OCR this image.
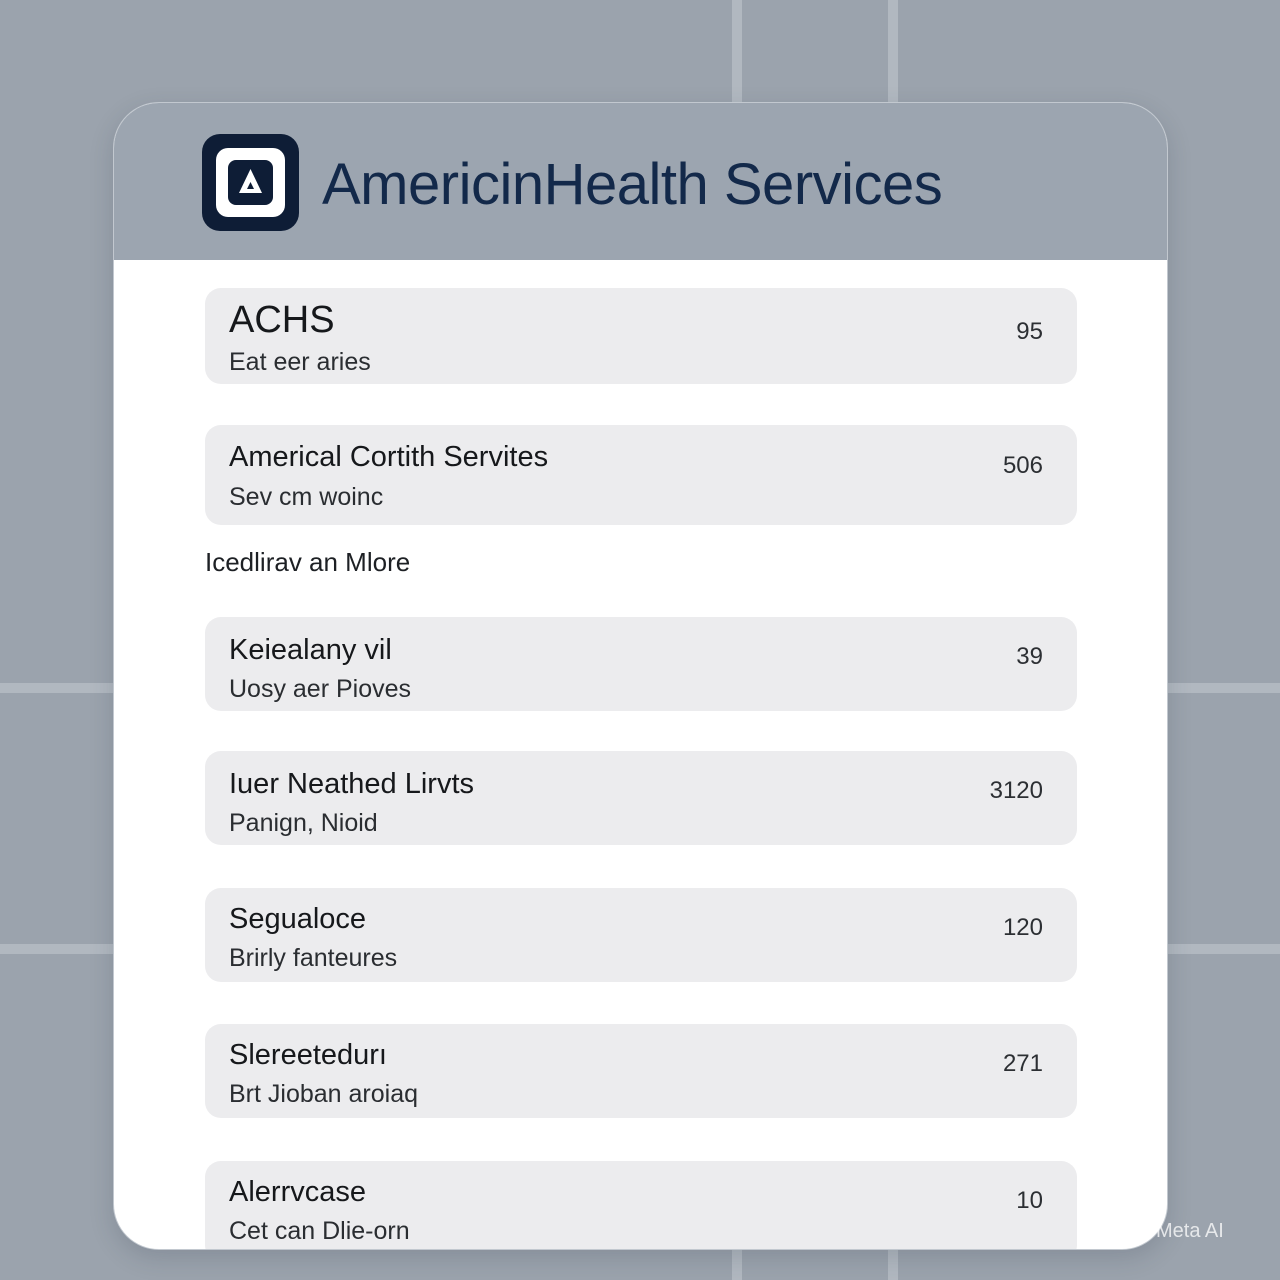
AmericinHealth Services
ACHS
Eat eer aries
95
Americal Cortith Servites
Sev cm woinc
506
Icedlirav an Mlore
Keiealany vil
Uosy aer Pioves
39
Iuer Neathed Lirvts
Panign, Nioid
3120
Segualoce
Brirly fanteures
120
Slereetedurı
Brt Jioban aroiaq
271
Alerrvcase
Cet can Dlie-orn
10
Meta AI
